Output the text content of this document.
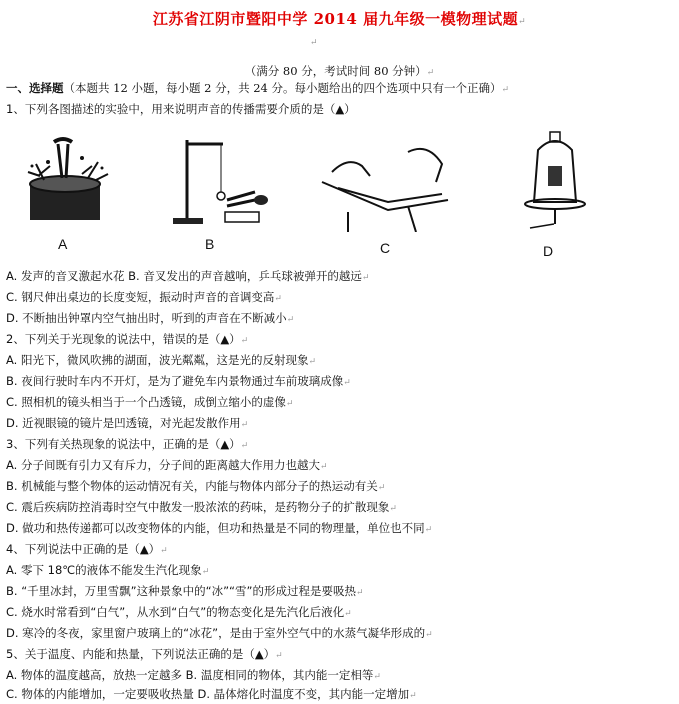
江苏省江阴市暨阳中学 2014 届九年级一模物理试题↵
↵
（满分 80 分，考试时间 80 分钟）↵
一、选择题（本题共 12 小题，每小题 2 分，共 24 分。每小题给出的四个选项中只有一个正确）↵
1、下列各图描述的实验中，用来说明声音的传播需要介质的是（▲）
A	B	C	D
A. 发声的音叉激起水花 B. 音叉发出的声音越响，乒乓球被弹开的越远↵
C. 钢尺伸出桌边的长度变短，振动时声音的音调变高↵
D. 不断抽出钟罩内空气抽出时，听到的声音在不断减小↵
2、下列关于光现象的说法中，错误的是（▲）↵
A. 阳光下，微风吹拂的湖面，波光粼粼，这是光的反射现象↵
B. 夜间行驶时车内不开灯，是为了避免车内景物通过车前玻璃成像↵
C. 照相机的镜头相当于一个凸透镜，成倒立缩小的虚像↵
D. 近视眼镜的镜片是凹透镜，对光起发散作用↵
3、下列有关热现象的说法中，正确的是（▲）↵
A. 分子间既有引力又有斥力，分子间的距离越大作用力也越大↵
B. 机械能与整个物体的运动情况有关，内能与物体内部分子的热运动有关↵
C. 震后疾病防控消毒时空气中散发一股浓浓的药味，是药物分子的扩散现象↵
D. 做功和热传递都可以改变物体的内能，但功和热量是不同的物理量，单位也不同↵
4、下列说法中正确的是（▲）↵
A. 零下 18℃的液体不能发生汽化现象↵
B. “千里冰封，万里雪飘”这种景象中的“冰”“雪”的形成过程是要吸热↵
C. 烧水时常看到“白气”，从水到“白气”的物态变化是先汽化后液化↵
D. 寒冷的冬夜，家里窗户玻璃上的“冰花”，是由于室外空气中的水蒸气凝华形成的↵
5、关于温度、内能和热量，下列说法正确的是（▲）↵
A. 物体的温度越高，放热一定越多 B. 温度相同的物体，其内能一定相等↵
C. 物体的内能增加，一定要吸收热量 D. 晶体熔化时温度不变，其内能一定增加↵
